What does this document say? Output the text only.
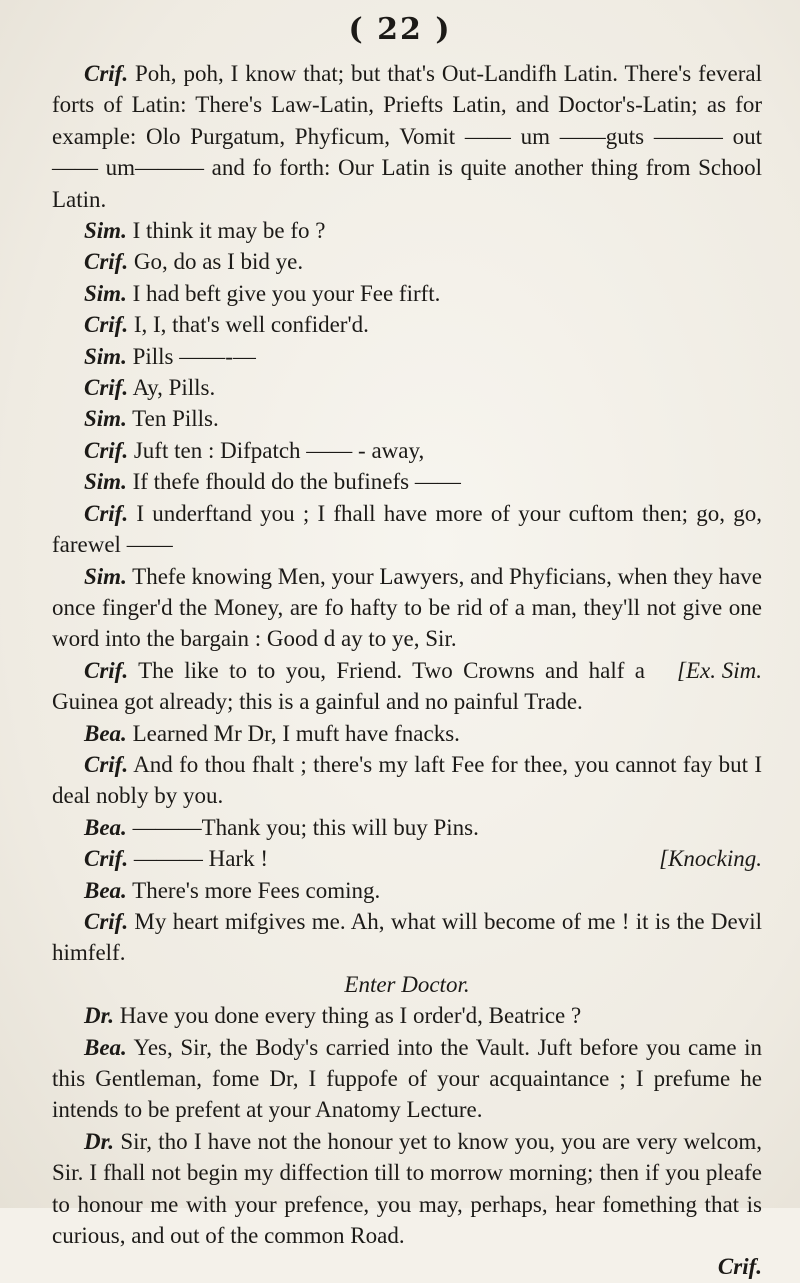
( 22 )

Crif. Poh, poh, I know that; but that's Out-Landifh Latin. There's feveral forts of Latin: There's Law-Latin, Priefts Latin, and Doctor's-Latin; as for example: Olo Purgatum, Phyficum, Vomit —— um ——guts ——— out —— um——— and fo forth: Our Latin is quite another thing from School Latin.

Sim. I think it may be fo ?

Crif. Go, do as I bid ye.

Sim. I had beft give you your Fee firft.

Crif. I, I, that's well confider'd.

Sim. Pills ——-—

Crif. Ay, Pills.

Sim. Ten Pills.

Crif. Juft ten : Difpatch —— - away,

Sim. If thefe fhould do the bufinefs ——

Crif. I underftand you ; I fhall have more of your cuftom then; go, go, farewel ——

Sim. Thefe knowing Men, your Lawyers, and Phyficians, when they have once finger'd the Money, are fo hafty to be rid of a man, they'll not give one word into the bargain : Good d ay to ye, Sir.

[Ex. Sim.
Crif. The like to to you, Friend. Two Crowns and half a Guinea got already; this is a gainful and no painful Trade.

Bea. Learned Mr Dr, I muft have fnacks.

Crif. And fo thou fhalt ; there's my laft Fee for thee, you cannot fay but I deal nobly by you.

Bea. ———Thank you; this will buy Pins.

[Knocking.
Crif. ——— Hark !

Bea. There's more Fees coming.

Crif. My heart mifgives me. Ah, what will become of me ! it is the Devil himfelf.

Enter Doctor.

Dr. Have you done every thing as I order'd, Beatrice ?

Bea. Yes, Sir, the Body's carried into the Vault. Juft before you came in this Gentleman, fome Dr, I fuppofe of your acquaintance ; I prefume he intends to be prefent at your Anatomy Lecture.

Dr. Sir, tho I have not the honour yet to know you, you are very welcom, Sir. I fhall not begin my diffection till to morrow morning; then if you pleafe to honour me with your prefence, you may, perhaps, hear fomething that is curious, and out of the common Road.

Crif.
